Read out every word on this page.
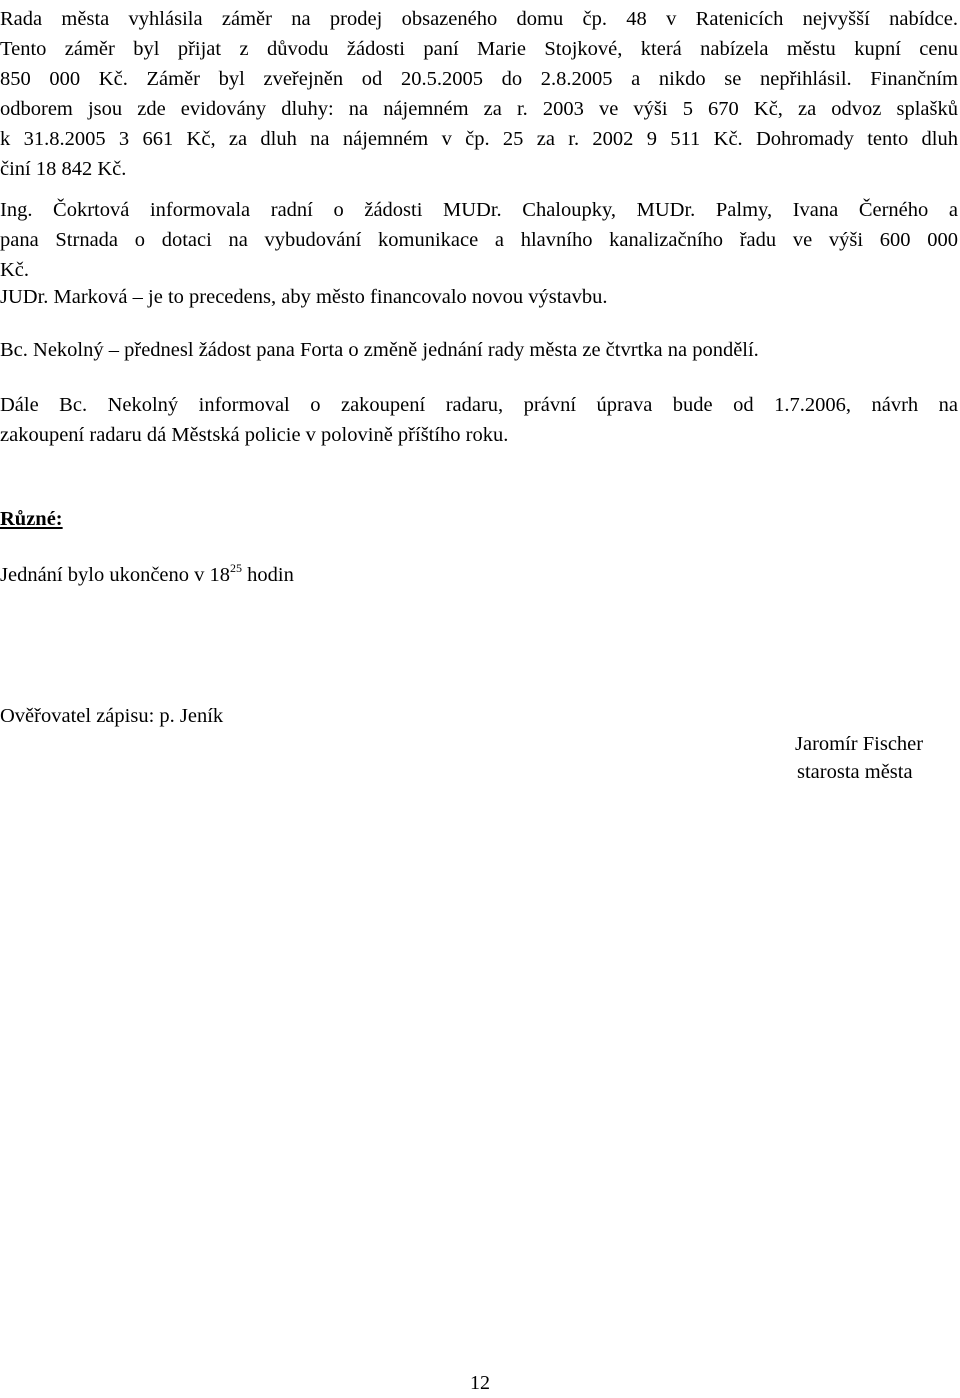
Rada města vyhlásila záměr na prodej obsazeného domu čp. 48 v Ratenicích nejvyšší nabídce.
Tento záměr byl přijat z důvodu žádosti paní Marie Stojkové, která nabízela městu kupní cenu
850 000 Kč. Záměr byl zveřejněn od 20.5.2005 do 2.8.2005 a nikdo se nepřihlásil. Finančním
odborem jsou zde evidovány dluhy: na nájemném za r. 2003 ve výši 5 670 Kč, za odvoz splašků
k 31.8.2005 3 661 Kč, za dluh na nájemném v čp. 25 za r. 2002 9 511 Kč. Dohromady tento dluh
činí 18 842 Kč.
Ing. Čokrtová informovala radní o žádosti MUDr. Chaloupky, MUDr. Palmy, Ivana Černého a
pana Strnada o dotaci na vybudování komunikace a hlavního kanalizačního řadu ve výši 600 000
Kč.

JUDr. Marková – je to precedens, aby město financovalo novou výstavbu.

Bc. Nekolný – přednesl žádost pana Forta o změně jednání rady města ze čtvrtka na pondělí.

Dále Bc. Nekolný informoval o zakoupení radaru, právní úprava bude od 1.7.2006, návrh na
zakoupení radaru dá Městská policie v polovině příštího roku.

Různé:

Jednání bylo ukončeno v $18^{25}$ hodin

Ověřovatel zápisu: p. Jeník

Jaromír Fischer
starosta města
12
